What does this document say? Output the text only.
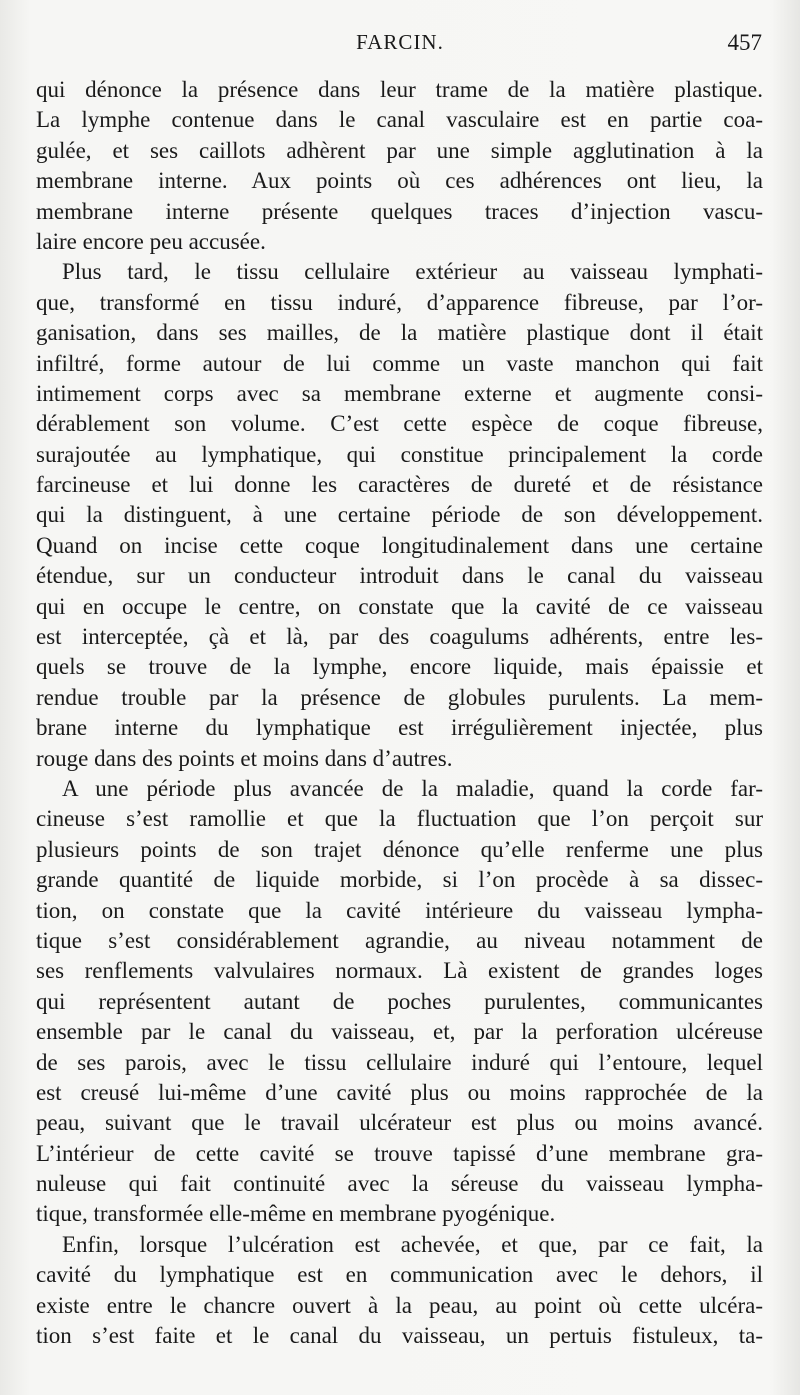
FARCIN.	457

qui dénonce la présence dans leur trame de la matière plastique.
La lymphe contenue dans le canal vasculaire est en partie coa-
gulée, et ses caillots adhèrent par une simple agglutination à la
membrane interne. Aux points où ces adhérences ont lieu, la
membrane interne présente quelques traces d’injection vascu-
laire encore peu accusée.

Plus tard, le tissu cellulaire extérieur au vaisseau lymphati-
que, transformé en tissu induré, d’apparence fibreuse, par l’or-
ganisation, dans ses mailles, de la matière plastique dont il était
infiltré, forme autour de lui comme un vaste manchon qui fait
intimement corps avec sa membrane externe et augmente consi-
dérablement son volume. C’est cette espèce de coque fibreuse,
surajoutée au lymphatique, qui constitue principalement la corde
farcineuse et lui donne les caractères de dureté et de résistance
qui la distinguent, à une certaine période de son développement.
Quand on incise cette coque longitudinalement dans une certaine
étendue, sur un conducteur introduit dans le canal du vaisseau
qui en occupe le centre, on constate que la cavité de ce vaisseau
est interceptée, çà et là, par des coagulums adhérents, entre les-
quels se trouve de la lymphe, encore liquide, mais épaissie et
rendue trouble par la présence de globules purulents. La mem-
brane interne du lymphatique est irrégulièrement injectée, plus
rouge dans des points et moins dans d’autres.

A une période plus avancée de la maladie, quand la corde far-
cineuse s’est ramollie et que la fluctuation que l’on perçoit sur
plusieurs points de son trajet dénonce qu’elle renferme une plus
grande quantité de liquide morbide, si l’on procède à sa dissec-
tion, on constate que la cavité intérieure du vaisseau lympha-
tique s’est considérablement agrandie, au niveau notamment de
ses renflements valvulaires normaux. Là existent de grandes loges
qui représentent autant de poches purulentes, communicantes
ensemble par le canal du vaisseau, et, par la perforation ulcéreuse
de ses parois, avec le tissu cellulaire induré qui l’entoure, lequel
est creusé lui-même d’une cavité plus ou moins rapprochée de la
peau, suivant que le travail ulcérateur est plus ou moins avancé.
L’intérieur de cette cavité se trouve tapissé d’une membrane gra-
nuleuse qui fait continuité avec la séreuse du vaisseau lympha-
tique, transformée elle-même en membrane pyogénique.

Enfin, lorsque l’ulcération est achevée, et que, par ce fait, la
cavité du lymphatique est en communication avec le dehors, il
existe entre le chancre ouvert à la peau, au point où cette ulcéra-
tion s’est faite et le canal du vaisseau, un pertuis fistuleux, ta-
